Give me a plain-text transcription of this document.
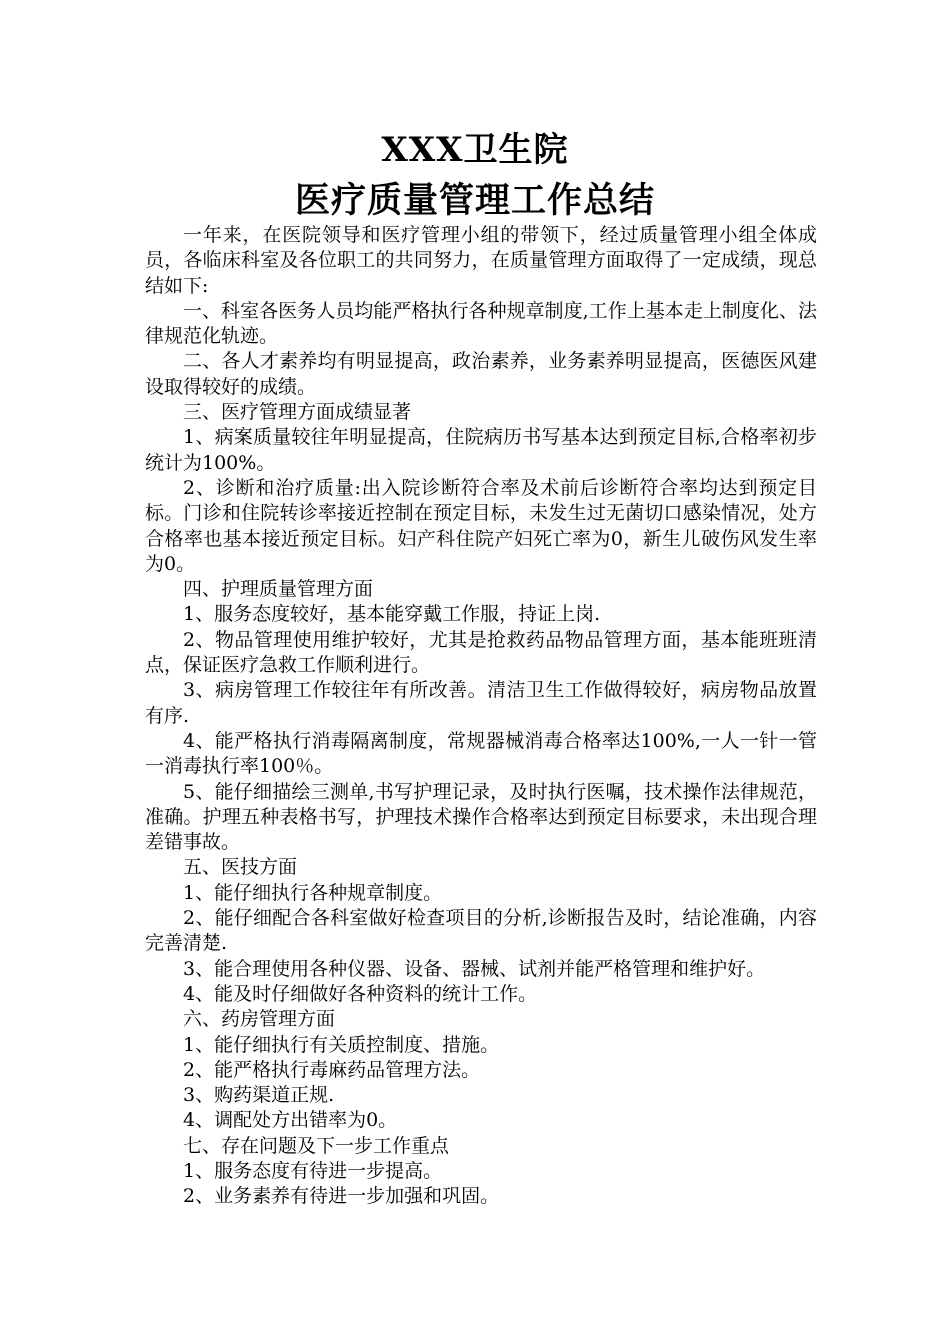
XXX卫生院
医疗质量管理工作总结

一年来，在医院领导和医疗管理小组的带领下，经过质量管理小组全体成员，各临床科室及各位职工的共同努力，在质量管理方面取得了一定成绩，现总结如下:

一、科室各医务人员均能严格执行各种规章制度,工作上基本走上制度化、法律规范化轨迹。

二、各人才素养均有明显提高，政治素养，业务素养明显提高，医德医风建设取得较好的成绩。

三、医疗管理方面成绩显著

1、病案质量较往年明显提高，住院病历书写基本达到预定目标,合格率初步统计为100%。

2、诊断和治疗质量:出入院诊断符合率及术前后诊断符合率均达到预定目标。门诊和住院转诊率接近控制在预定目标，未发生过无菌切口感染情况，处方合格率也基本接近预定目标。妇产科住院产妇死亡率为0，新生儿破伤风发生率为0。

四、护理质量管理方面

1、服务态度较好，基本能穿戴工作服，持证上岗.

2、物品管理使用维护较好，尤其是抢救药品物品管理方面，基本能班班清点，保证医疗急救工作顺利进行。

3、病房管理工作较往年有所改善。清洁卫生工作做得较好，病房物品放置有序.

4、能严格执行消毒隔离制度，常规器械消毒合格率达100%,一人一针一管一消毒执行率100％。

5、能仔细描绘三测单,书写护理记录，及时执行医嘱，技术操作法律规范，准确。护理五种表格书写，护理技术操作合格率达到预定目标要求，未出现合理差错事故。

五、医技方面

1、能仔细执行各种规章制度。

2、能仔细配合各科室做好检查项目的分析,诊断报告及时，结论准确，内容完善清楚.

3、能合理使用各种仪器、设备、器械、试剂并能严格管理和维护好。

4、能及时仔细做好各种资料的统计工作。

六、药房管理方面

1、能仔细执行有关质控制度、措施。

2、能严格执行毒麻药品管理方法。

3、购药渠道正规.

4、调配处方出错率为0。

七、存在问题及下一步工作重点

1、服务态度有待进一步提高。

2、业务素养有待进一步加强和巩固。
